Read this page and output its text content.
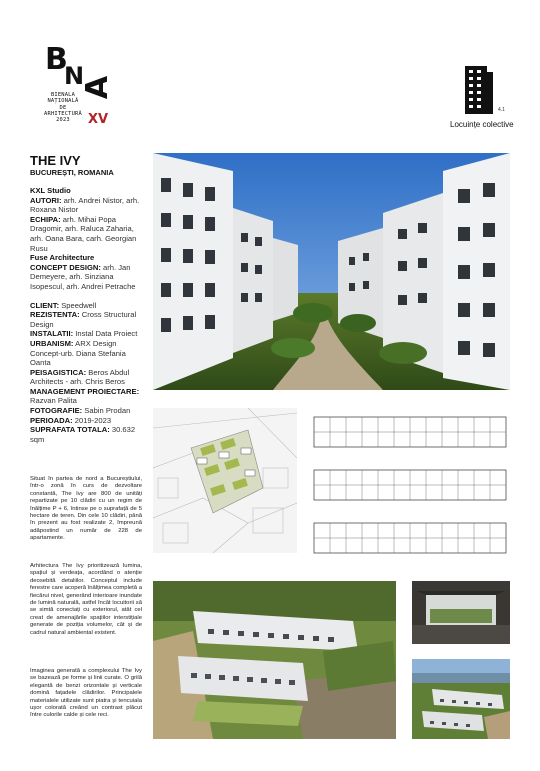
B
N
A
BIENALA
NAȚIONALĂ
DE
ARHITECTURĂ
2023	XV
4.1
Locuințe colective
THE IVY
BUCUREȘTI, ROMANIA
KXL Studio
AUTORI: arh. Andrei Nistor, arh. Roxana Nistor
ECHIPA: arh. Mihai Popa Dragomir, arh. Raluca Zaharia, arh. Oana Bara, carh. Georgian Rusu
Fuse Architecture
CONCEPT DESIGN: arh. Jan Demeyere, arh. Sinziana Isopescul, arh. Andrei Petrache
CLIENT: Speedwell
REZISTENTA: Cross Structural Design
INSTALATII: Instal Data Proiect
URBANISM: ARX Design Concept-urb. Diana Stefania Oanta
PEISAGISTICA: Beros Abdul Architects - arh. Chris Beros
MANAGEMENT PROIECTARE: Razvan Palita
FOTOGRAFIE: Sabin Prodan
PERIOADA: 2019-2023
SUPRAFATA TOTALA: 30.632 sqm
Situat în partea de nord a Bucureștiului, într-o zonă în curs de dezvoltare constantă, The Ivy are 800 de unități repartizate pe 10 clădiri cu un regim de înălțime P + 6, întinse pe o suprafață de 5 hectare de teren. Din cele 10 clădiri, până în prezent au fost realizate 2, împreună adăpostind un număr de 228 de apartamente.
Arhitectura The Ivy prioritizează lumina, spațiul și verdeața, acordând o atenție deosebită detaliilor. Conceptul include ferestre care acoperă înălțimea completă a fiecărui nivel, generând interioare inundate de lumină naturală, astfel încât locuitorii să se simtă conectați cu exteriorul, atât cel creat de amenajările spațiilor interstițiale generate de poziția volumelor, cât și de cadrul natural ambiental existent.
Imaginea generată a complexului The Ivy se bazează pe forme și linii curate. O grilă elegantă de benzi orizontale și verticale domină fațadele clădirilor. Principalele materialele utilizate sunt piatra și tencuiala ușor colorată creând un contrast plăcut între culorile calde și cele reci.
